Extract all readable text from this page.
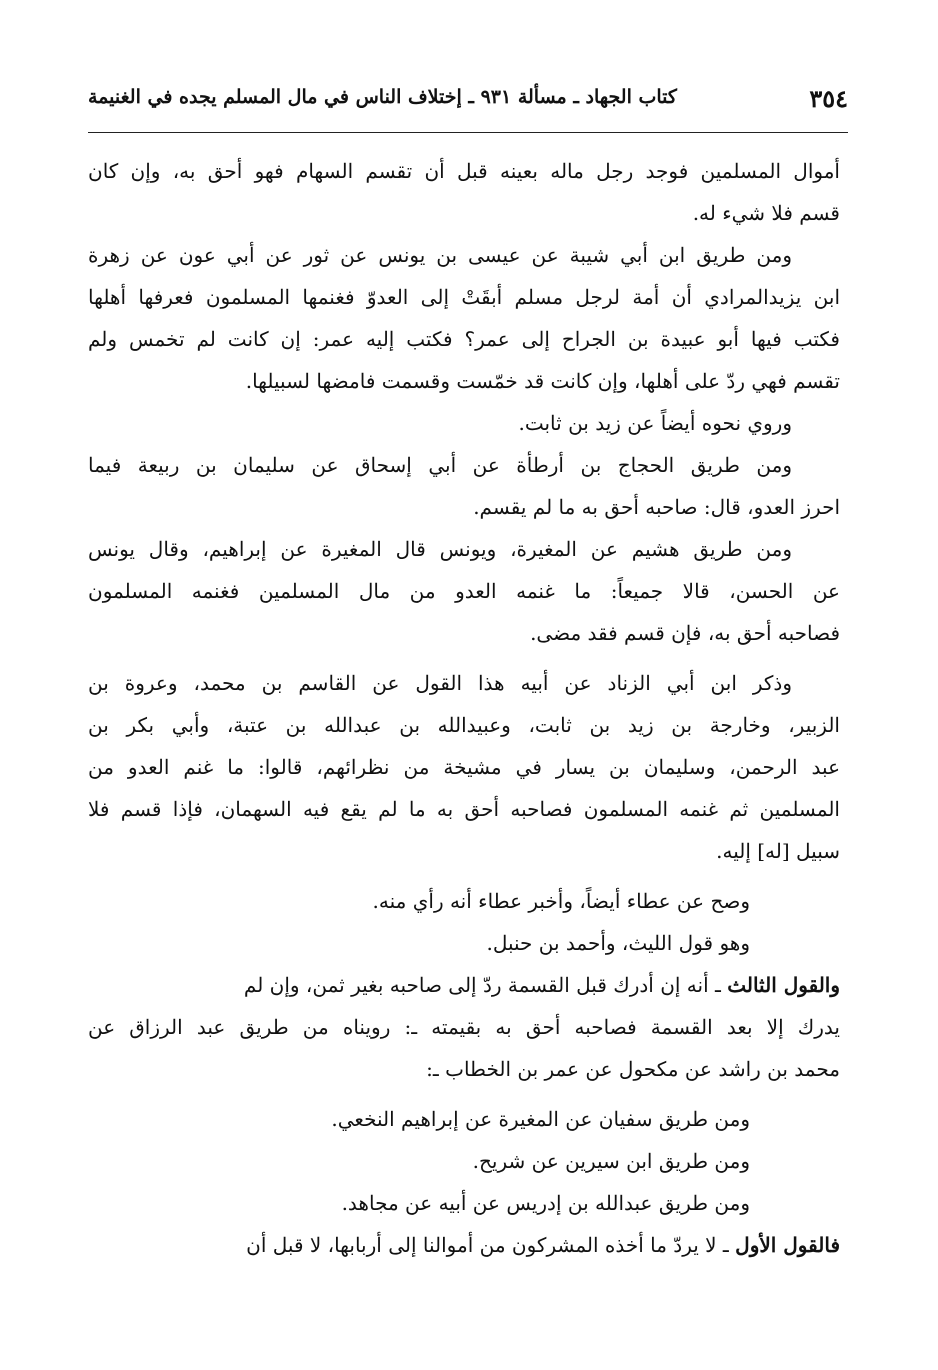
٣٥٤
كتاب الجهاد ـ مسألة ٩٣١ ـ إختلاف الناس في مال المسلم يجده في الغنيمة
أموال المسلمين فوجد رجل ماله بعينه قبل أن تقسم السهام فهو أحق به، وإن كان
قسم فلا شيء له.
ومن طريق ابن أبي شيبة عن عيسى بن يونس عن ثور عن أبي عون عن زهرة
ابن يزيدالمرادي أن أمة لرجل مسلم أبقَتْ إلى العدوّ فغنمها المسلمون فعرفها أهلها
فكتب فيها أبو عبيدة بن الجراح إلى عمر؟ فكتب إليه عمر: إن كانت لم تخمس ولم
تقسم فهي ردّ على أهلها، وإن كانت قد خمّست وقسمت فامضها لسبيلها.
وروي نحوه أيضاً عن زيد بن ثابت.
ومن طريق الحجاج بن أرطأة عن أبي إسحاق عن سليمان بن ربيعة فيما
احرز العدو، قال: صاحبه أحق به ما لم يقسم.
ومن طريق هشيم عن المغيرة، ويونس قال المغيرة عن إبراهيم، وقال يونس
عن الحسن، قالا جميعاً: ما غنمه العدو من مال المسلمين فغنمه المسلمون
فصاحبه أحق به، فإن قسم فقد مضى.
وذكر ابن أبي الزناد عن أبيه هذا القول عن القاسم بن محمد، وعروة بن
الزبير، وخارجة بن زيد بن ثابت، وعبيدالله بن عبدالله بن عتبة، وأبي بكر بن
عبد الرحمن، وسليمان بن يسار في مشيخة من نظرائهم، قالوا: ما غنم العدو من
المسلمين ثم غنمه المسلمون فصاحبه أحق به ما لم يقع فيه السهمان، فإذا قسم فلا
سبيل [له] إليه.
وصح عن عطاء أيضاً، وأخبر عطاء أنه رأي منه.
وهو قول الليث، وأحمد بن حنبل.
والقول الثالث ـ أنه إن أدرك قبل القسمة ردّ إلى صاحبه بغير ثمن، وإن لم
يدرك إلا بعد القسمة فصاحبه أحق به بقيمته ـ: رويناه من طريق عبد الرزاق عن
محمد بن راشد عن مكحول عن عمر بن الخطاب ـ:
ومن طريق سفيان عن المغيرة عن إبراهيم النخعي.
ومن طريق ابن سيرين عن شريح.
ومن طريق عبدالله بن إدريس عن أبيه عن مجاهد.
فالقول الأول ـ لا يردّ ما أخذه المشركون من أموالنا إلى أربابها، لا قبل أن
